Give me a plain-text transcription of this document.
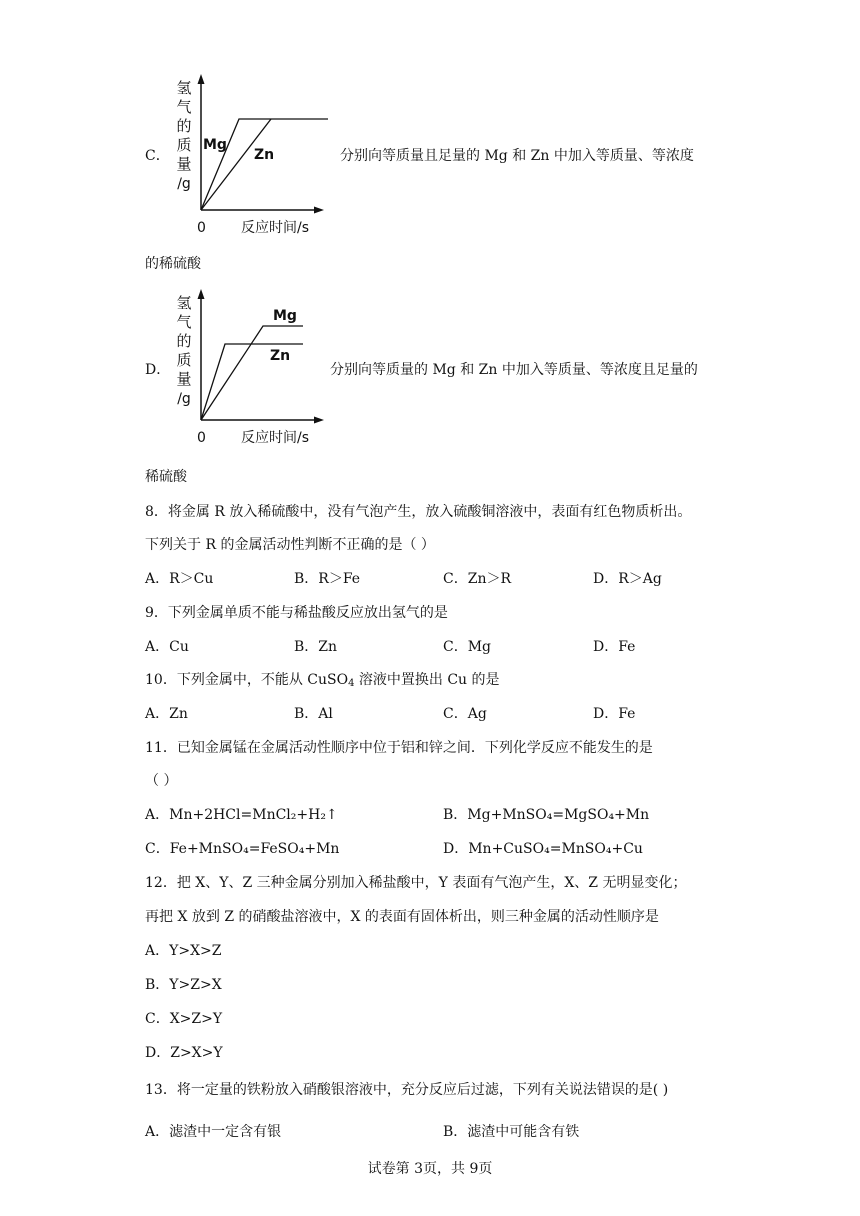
C．
氢
气
的
质
量
/g
Mg
Zn
0	反应时间/s
分别向等质量且足量的 Mg 和 Zn 中加入等质量、等浓度
的稀硫酸
D．
氢
气
的
质
量
/g
Mg
Zn
0	反应时间/s
分别向等质量的 Mg 和 Zn 中加入等质量、等浓度且足量的
稀硫酸
8．将金属 R 放入稀硫酸中，没有气泡产生，放入硫酸铜溶液中，表面有红色物质析出。
下列关于 R 的金属活动性判断不正确的是（ ）
A．R＞Cu	B．R＞Fe	C．Zn＞R	D．R＞Ag
9．下列金属单质不能与稀盐酸反应放出氢气的是
A．Cu	B．Zn	C．Mg	D．Fe
10．下列金属中，不能从 CuSO$_4$ 溶液中置换出 Cu 的是
A．Zn	B．Al	C．Ag	D．Fe
11．已知金属锰在金属活动性顺序中位于铝和锌之间．下列化学反应不能发生的是
（ ）
A．Mn+2HCl=MnCl₂+H₂↑	B．Mg+MnSO₄=MgSO₄+Mn
C．Fe+MnSO₄=FeSO₄+Mn	D．Mn+CuSO₄=MnSO₄+Cu
12．把 X、Y、Z 三种金属分别加入稀盐酸中，Y 表面有气泡产生，X、Z 无明显变化；
再把 X 放到 Z 的硝酸盐溶液中，X 的表面有固体析出，则三种金属的活动性顺序是
A．Y>X>Z
B．Y>Z>X
C．X>Z>Y
D．Z>X>Y
13．将一定量的铁粉放入硝酸银溶液中，充分反应后过滤，下列有关说法错误的是( )
A．滤渣中一定含有银	B．滤渣中可能含有铁
试卷第 3页，共 9页
